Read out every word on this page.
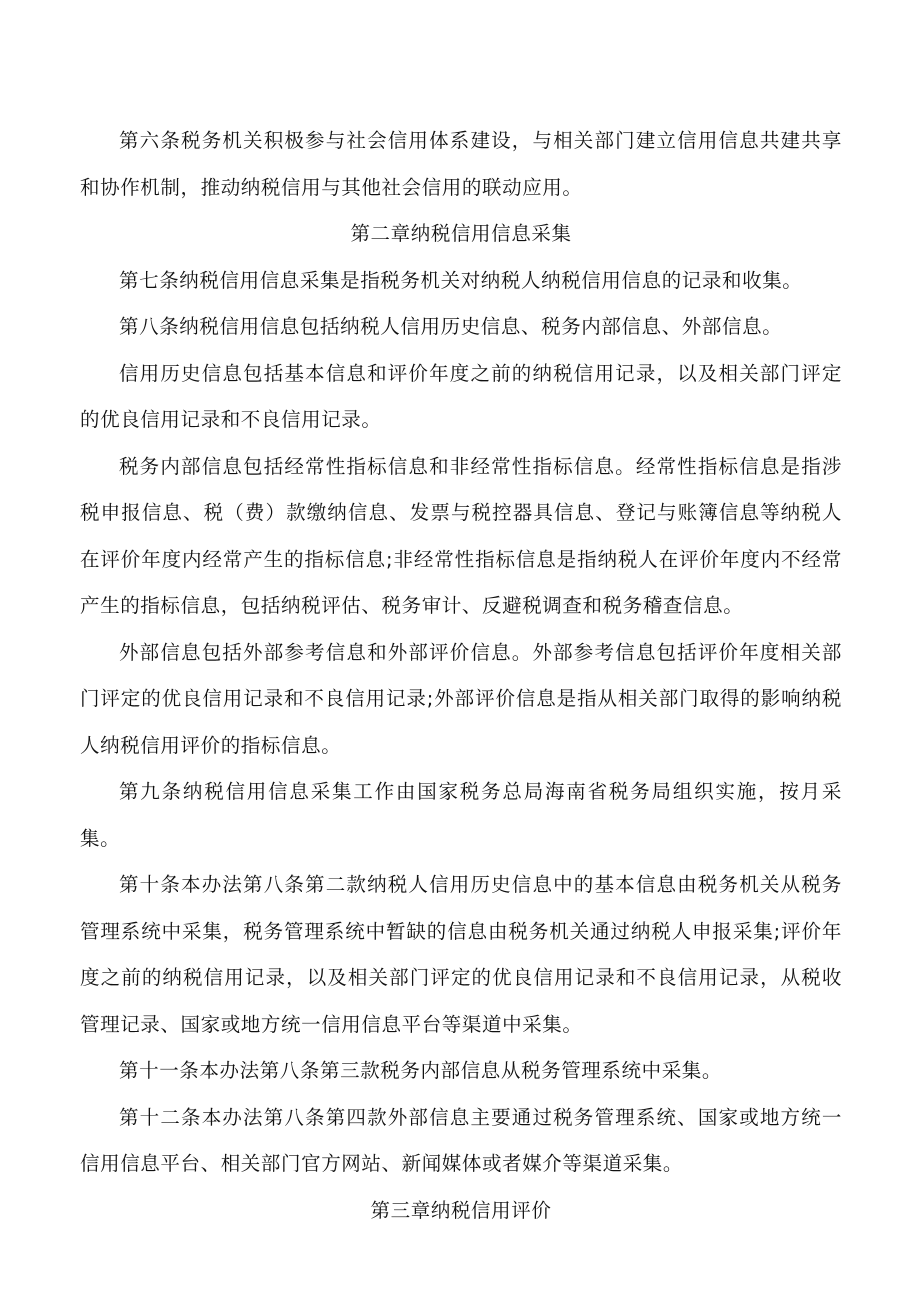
第六条税务机关积极参与社会信用体系建设，与相关部门建立信用信息共建共享和协作机制，推动纳税信用与其他社会信用的联动应用。

第二章纳税信用信息采集

第七条纳税信用信息采集是指税务机关对纳税人纳税信用信息的记录和收集。

第八条纳税信用信息包括纳税人信用历史信息、税务内部信息、外部信息。

信用历史信息包括基本信息和评价年度之前的纳税信用记录，以及相关部门评定的优良信用记录和不良信用记录。

税务内部信息包括经常性指标信息和非经常性指标信息。经常性指标信息是指涉税申报信息、税（费）款缴纳信息、发票与税控器具信息、登记与账簿信息等纳税人在评价年度内经常产生的指标信息;非经常性指标信息是指纳税人在评价年度内不经常产生的指标信息，包括纳税评估、税务审计、反避税调查和税务稽查信息。

外部信息包括外部参考信息和外部评价信息。外部参考信息包括评价年度相关部门评定的优良信用记录和不良信用记录;外部评价信息是指从相关部门取得的影响纳税人纳税信用评价的指标信息。

第九条纳税信用信息采集工作由国家税务总局海南省税务局组织实施，按月采集。

第十条本办法第八条第二款纳税人信用历史信息中的基本信息由税务机关从税务管理系统中采集，税务管理系统中暂缺的信息由税务机关通过纳税人申报采集;评价年度之前的纳税信用记录，以及相关部门评定的优良信用记录和不良信用记录，从税收管理记录、国家或地方统一信用信息平台等渠道中采集。

第十一条本办法第八条第三款税务内部信息从税务管理系统中采集。

第十二条本办法第八条第四款外部信息主要通过税务管理系统、国家或地方统一信用信息平台、相关部门官方网站、新闻媒体或者媒介等渠道采集。

第三章纳税信用评价
